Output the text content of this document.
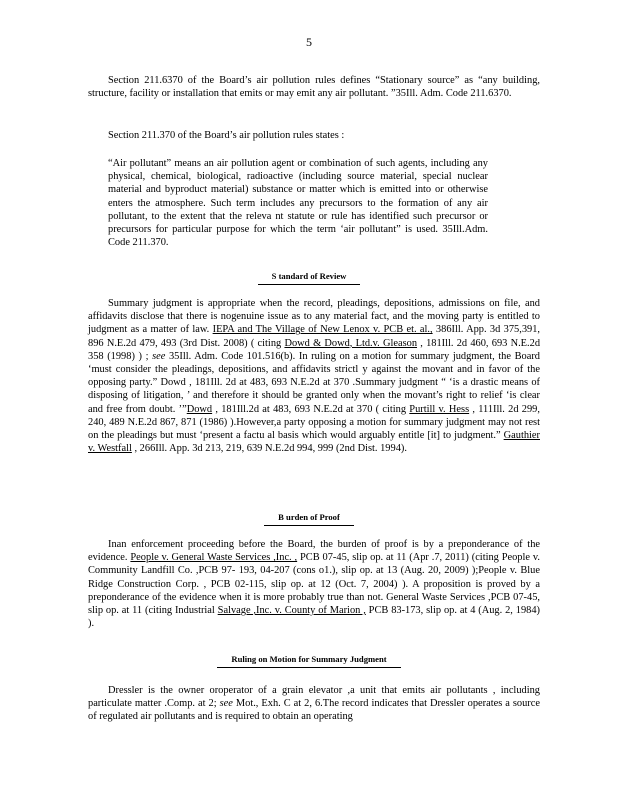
5

Section 211.6370 of the Board’s air pollution rules defines “Stationary source” as “any building, structure, facility or installation that emits or may emit any air pollutant. ”35Ill. Adm. Code 211.6370.

Section 211.370 of the Board’s air pollution rules states :

“Air pollutant” means an air pollution agent or combination of such agents, including any physical, chemical, biological, radioactive (including source material, special nuclear material and byproduct material) substance or matter which is emitted into or otherwise enters the atmosphere. Such term includes any precursors to the formation of any air pollutant, to the extent that the releva nt statute or rule has identified such precursor or precursors for particular purpose for which the term ‘air pollutant” is used. 35Ill.Adm. Code 211.370.

S tandard of Review

Summary judgment is appropriate when the record, pleadings, depositions, admissions on file, and affidavits disclose that there is nogenuine issue as to any material fact, and the moving party is entitled to judgment as a matter of law. IEPA and The Village of New Lenox v. PCB et. al., 386Ill. App. 3d 375,391, 896 N.E.2d 479, 493 (3rd Dist. 2008) ( citing Dowd & Dowd, Ltd.v. Gleason , 181Ill. 2d 460, 693 N.E.2d 358 (1998) ) ; see 35Ill. Adm. Code 101.516(b). In ruling on a motion for summary judgment, the Board ‘must consider the pleadings, depositions, and affidavits strictl y against the movant and in favor of the opposing party.” Dowd , 181Ill. 2d at 483, 693 N.E.2d at 370 .Summary judgment “ ‘is a drastic means of disposing of litigation, ’ and therefore it should be granted only when the movant’s right to relief ‘is clear and free from doubt. ’”Dowd , 181Ill.2d at 483, 693 N.E.2d at 370 ( citing Purtill v. Hess , 111Ill. 2d 299, 240, 489 N.E.2d 867, 871 (1986) ).However,a party opposing a motion for summary judgment may not rest on the pleadings but must ‘present a factu al basis which would arguably entitle [it] to judgment.” Gauthier v. Westfall , 266Ill. App. 3d 213, 219, 639 N.E.2d 994, 999 (2nd Dist. 1994).

B urden of Proof

Inan enforcement proceeding before the Board, the burden of proof is by a preponderance of the evidence. People v. General Waste Services ,Inc. , PCB 07-45, slip op. at 11 (Apr .7, 2011) (citing People v. Community Landfill Co. ,PCB 97- 193, 04-207 (cons o1.), slip op. at 13 (Aug. 20, 2009) );People v. Blue Ridge Construction Corp. , PCB 02-115, slip op. at 12 (Oct. 7, 2004) ). A proposition is proved by a preponderance of the evidence when it is more probably true than not. General Waste Services ,PCB 07-45, slip op. at 11 (citing Industrial Salvage ,Inc. v. County of Marion , PCB 83-173, slip op. at 4 (Aug. 2, 1984) ).

Ruling on Motion for Summary Judgment

Dressler is the owner oroperator of a grain elevator ,a unit that emits air pollutants , including particulate matter .Comp. at 2; see Mot., Exh. C at 2, 6.The record indicates that Dressler operates a source of regulated air pollutants and is required to obtain an operating
